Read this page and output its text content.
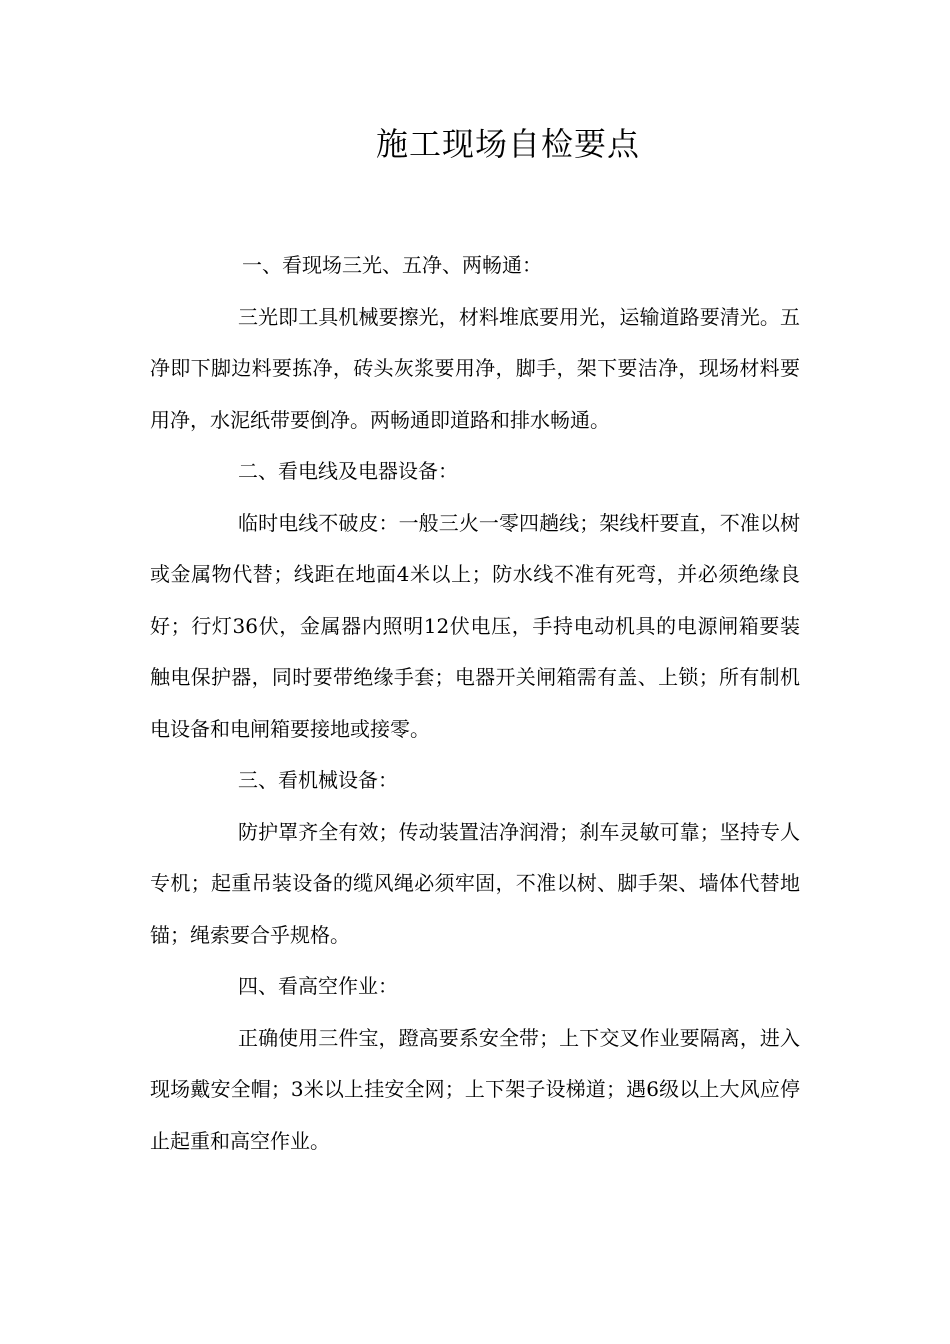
施工现场自检要点

一、看现场三光、五净、两畅通：

三光即工具机械要擦光，材料堆底要用光，运输道路要清光。五净即下脚边料要拣净，砖头灰浆要用净，脚手，架下要洁净，现场材料要用净，水泥纸带要倒净。两畅通即道路和排水畅通。

二、看电线及电器设备：

临时电线不破皮：一般三火一零四趟线；架线杆要直，不准以树或金属物代替；线距在地面4米以上；防水线不准有死弯，并必须绝缘良好；行灯36伏，金属器内照明12伏电压，手持电动机具的电源闸箱要装触电保护器，同时要带绝缘手套；电器开关闸箱需有盖、上锁；所有制机电设备和电闸箱要接地或接零。

三、看机械设备：

防护罩齐全有效；传动装置洁净润滑；刹车灵敏可靠；坚持专人专机；起重吊装设备的缆风绳必须牢固，不准以树、脚手架、墙体代替地锚；绳索要合乎规格。

四、看高空作业：

正确使用三件宝，蹬高要系安全带；上下交叉作业要隔离，进入现场戴安全帽；3米以上挂安全网；上下架子设梯道；遇6级以上大风应停止起重和高空作业。
